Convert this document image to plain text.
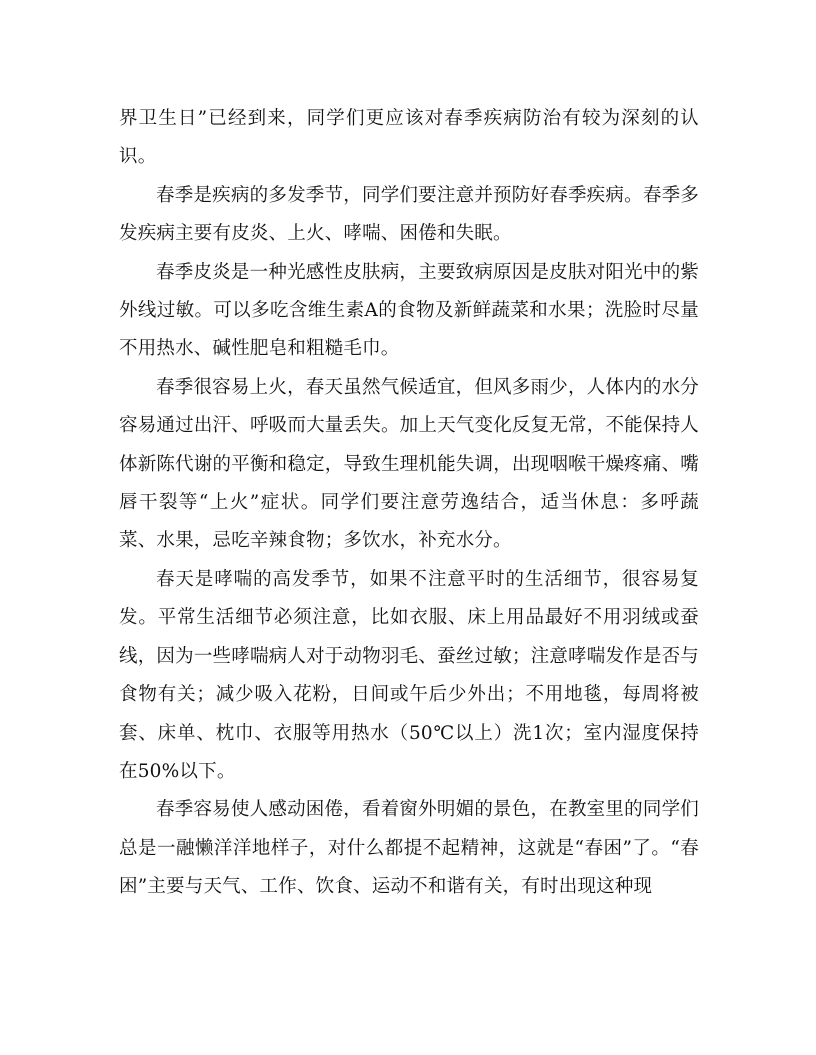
界卫生日”已经到来，同学们更应该对春季疾病防治有较为深刻的认识。

春季是疾病的多发季节，同学们要注意并预防好春季疾病。春季多发疾病主要有皮炎、上火、哮喘、困倦和失眠。

春季皮炎是一种光感性皮肤病，主要致病原因是皮肤对阳光中的紫外线过敏。可以多吃含维生素A的食物及新鲜蔬菜和水果；洗脸时尽量不用热水、碱性肥皂和粗糙毛巾。

春季很容易上火，春天虽然气候适宜，但风多雨少，人体内的水分容易通过出汗、呼吸而大量丢失。加上天气变化反复无常，不能保持人体新陈代谢的平衡和稳定，导致生理机能失调，出现咽喉干燥疼痛、嘴唇干裂等“上火”症状。同学们要注意劳逸结合，适当休息：多呼蔬菜、水果，忌吃辛辣食物；多饮水，补充水分。

春天是哮喘的高发季节，如果不注意平时的生活细节，很容易复发。平常生活细节必须注意，比如衣服、床上用品最好不用羽绒或蚕线，因为一些哮喘病人对于动物羽毛、蚕丝过敏；注意哮喘发作是否与食物有关；减少吸入花粉，日间或午后少外出；不用地毯，每周将被套、床单、枕巾、衣服等用热水（50℃以上）洗1次；室内湿度保持在50%以下。

春季容易使人感动困倦，看着窗外明媚的景色，在教室里的同学们总是一融懒洋洋地样子，对什么都提不起精神，这就是“春困”了。“春困”主要与天气、工作、饮食、运动不和谐有关，有时出现这种现
